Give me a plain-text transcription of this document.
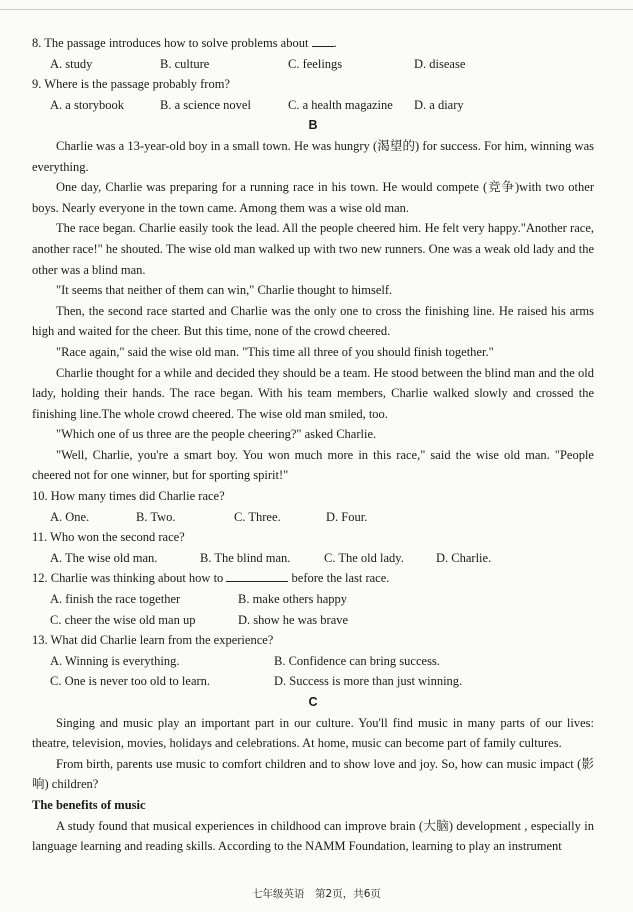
8. The passage introduces how to solve problems about .
A. study	B. culture	C. feelings	D. disease
9. Where is the passage probably from?
A. a storybook	B. a science novel	C. a health magazine	D. a diary
B

Charlie was a 13-year-old boy in a small town. He was hungry (渴望的) for success. For him, winning was everything.

One day, Charlie was preparing for a running race in his town. He would compete (竞争)with two other boys. Nearly everyone in the town came. Among them was a wise old man.

The race began. Charlie easily took the lead. All the people cheered him. He felt very happy."Another race, another race!" he shouted. The wise old man walked up with two new runners. One was a weak old lady and the other was a blind man.

"It seems that neither of them can win," Charlie thought to himself.

Then, the second race started and Charlie was the only one to cross the finishing line. He raised his arms high and waited for the cheer. But this time, none of the crowd cheered.

"Race again," said the wise old man. "This time all three of you should finish together."

Charlie thought for a while and decided they should be a team. He stood between the blind man and the old lady, holding their hands. The race began. With his team members, Charlie walked slowly and crossed the finishing line.The whole crowd cheered. The wise old man smiled, too.

"Which one of us three are the people cheering?" asked Charlie.

"Well, Charlie, you're a smart boy. You won much more in this race," said the wise old man. "People cheered not for one winner, but for sporting spirit!"

10. How many times did Charlie race?
A. One.	B. Two.	C. Three.	D. Four.
11. Who won the second race?
A. The wise old man.	B. The blind man.	C. The old lady.	D. Charlie.
12. Charlie was thinking about how to	before the last race.
A. finish the race together	B. make others happy
C. cheer the wise old man up	D. show he was brave
13. What did Charlie learn from the experience?
A. Winning is everything.	B. Confidence can bring success.
C. One is never too old to learn.	D. Success is more than just winning.
C

Singing and music play an important part in our culture. You'll find music in many parts of our lives: theatre, television, movies, holidays and celebrations. At home, music can become part of family cultures.

From birth, parents use music to comfort children and to show love and joy. So, how can music impact (影响) children?

The benefits of music

A study found that musical experiences in childhood can improve brain (大脑) development , especially in language learning and reading skills. According to the NAMM Foundation, learning to play an instrument

七年级英语　第2页，共6页
